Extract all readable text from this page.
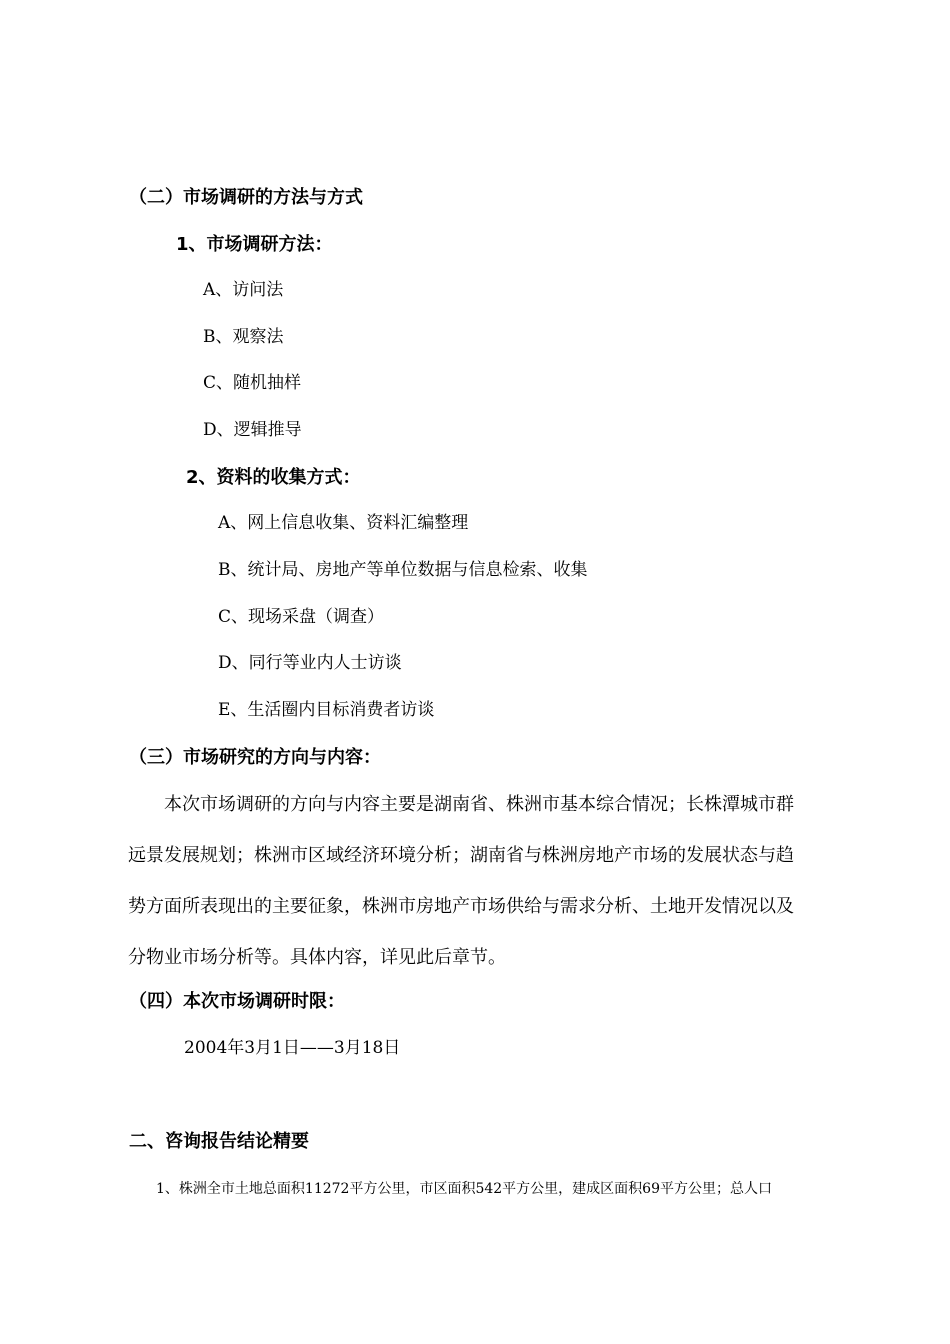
（二）市场调研的方法与方式
1、市场调研方法：
A、访问法
B、观察法
C、随机抽样
D、逻辑推导
2、资料的收集方式：
A、网上信息收集、资料汇编整理
B、统计局、房地产等单位数据与信息检索、收集
C、现场采盘（调查）
D、同行等业内人士访谈
E、生活圈内目标消费者访谈
（三）市场研究的方向与内容：
本次市场调研的方向与内容主要是湖南省、株洲市基本综合情况；长株潭城市群
远景发展规划；株洲市区域经济环境分析；湖南省与株洲房地产市场的发展状态与趋
势方面所表现出的主要征象，株洲市房地产市场供给与需求分析、土地开发情况以及
分物业市场分析等。具体内容，详见此后章节。
（四）本次市场调研时限：
2004年3月1日——3月18日
二、咨询报告结论精要
1、株洲全市土地总面积11272平方公里，市区面积542平方公里，建成区面积69平方公里；总人口
